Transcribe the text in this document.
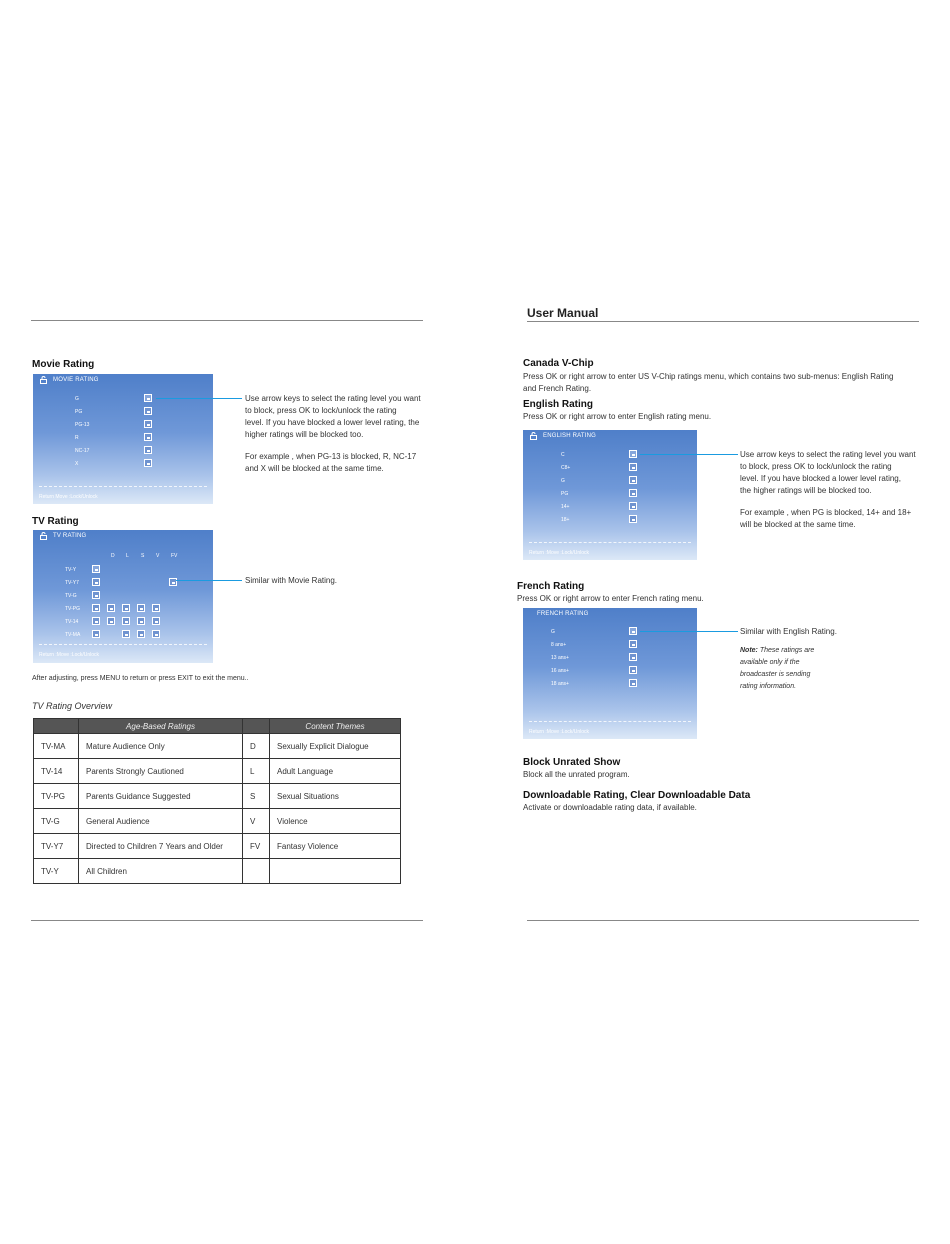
Movie Rating
MOVIE RATING
G
PG
PG-13
R
NC-17
X
Return Move :Lock/Unlock
Use arrow keys to select the rating level you want
to block, press OK to lock/unlock the rating
level. If you have blocked a lower level rating, the
higher ratings will be blocked too.
For example , when PG-13 is blocked, R, NC-17
and X will be blocked at the same time.
TV Rating
TV RATING
D L S V FV
TV-Y
TV-Y7
TV-G
TV-PG
TV-14
TV-MA
Return :Move :Lock/Unlock
Similar with Movie Rating.
After adjusting, press MENU to return or press EXIT to exit the menu..
TV Rating Overview
	Age-Based Ratings		Content Themes
TV-MA	Mature Audience Only	D	Sexually Explicit Dialogue
TV-14	Parents Strongly Cautioned	L	Adult Language
TV-PG	Parents Guidance Suggested	S	Sexual Situations
TV-G	General Audience	V	Violence
TV-Y7	Directed to Children 7 Years and Older	FV	Fantasy Violence
TV-Y	All Children		
User Manual
Canada V-Chip
Press OK or right arrow to enter US V-Chip ratings menu, which contains two sub-menus: English Rating
and French Rating.
English Rating
Press OK or right arrow to enter English rating menu.
ENGLISH RATING
C
C8+
G
PG
14+
18+
Return :Move :Lock/Unlock
Use arrow keys to select the rating level you want
to block, press OK to lock/unlock the rating
level. If you have blocked a lower level rating,
the higher ratings will be blocked too.
For example , when PG is blocked, 14+ and 18+
will be blocked at the same time.
French Rating
Press OK or right arrow to enter French rating menu.
FRENCH RATING
G
8 ans+
13 ans+
16 ans+
18 ans+
Return :Move :Lock/Unlock
Similar with English Rating.
Note: These ratings are
available only if the
broadcaster is sending
rating information.
Block Unrated Show
Block all the unrated program.
Downloadable Rating, Clear Downloadable Data
Activate or downloadable rating data, if available.
